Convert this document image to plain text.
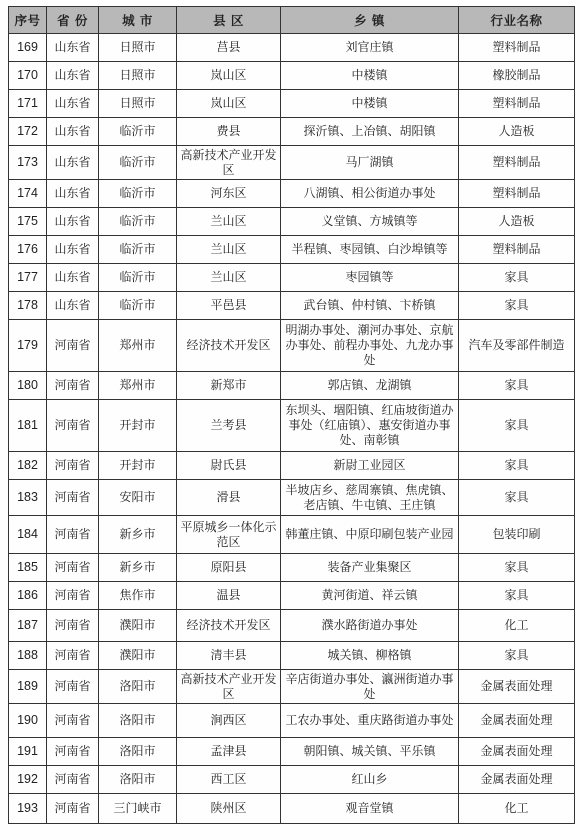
序号	省 份	城 市	县 区	乡 镇	行业名称
169	山东省	日照市	莒县	刘官庄镇	塑料制品
170	山东省	日照市	岚山区	中楼镇	橡胶制品
171	山东省	日照市	岚山区	中楼镇	塑料制品
172	山东省	临沂市	费县	探沂镇、上冶镇、胡阳镇	人造板
173	山东省	临沂市	高新技术产业开发区	马厂湖镇	塑料制品
174	山东省	临沂市	河东区	八湖镇、相公街道办事处	塑料制品
175	山东省	临沂市	兰山区	义堂镇、方城镇等	人造板
176	山东省	临沂市	兰山区	半程镇、枣园镇、白沙埠镇等	塑料制品
177	山东省	临沂市	兰山区	枣园镇等	家具
178	山东省	临沂市	平邑县	武台镇、仲村镇、卞桥镇	家具
179	河南省	郑州市	经济技术开发区	明湖办事处、潮河办事处、京航办事处、前程办事处、九龙办事处	汽车及零部件制造
180	河南省	郑州市	新郑市	郭店镇、龙湖镇	家具
181	河南省	开封市	兰考县	东坝头、堌阳镇、红庙坡街道办事处（红庙镇）、惠安街道办事处、南彰镇	家具
182	河南省	开封市	尉氏县	新尉工业园区	家具
183	河南省	安阳市	滑县	半坡店乡、慈周寨镇、焦虎镇、老店镇、牛屯镇、王庄镇	家具
184	河南省	新乡市	平原城乡一体化示范区	韩董庄镇、中原印刷包装产业园	包装印刷
185	河南省	新乡市	原阳县	装备产业集聚区	家具
186	河南省	焦作市	温县	黄河街道、祥云镇	家具
187	河南省	濮阳市	经济技术开发区	濮水路街道办事处	化工
188	河南省	濮阳市	清丰县	城关镇、柳格镇	家具
189	河南省	洛阳市	高新技术产业开发区	辛店街道办事处、瀛洲街道办事处	金属表面处理
190	河南省	洛阳市	涧西区	工农办事处、重庆路街道办事处	金属表面处理
191	河南省	洛阳市	孟津县	朝阳镇、城关镇、平乐镇	金属表面处理
192	河南省	洛阳市	西工区	红山乡	金属表面处理
193	河南省	三门峡市	陕州区	观音堂镇	化工
